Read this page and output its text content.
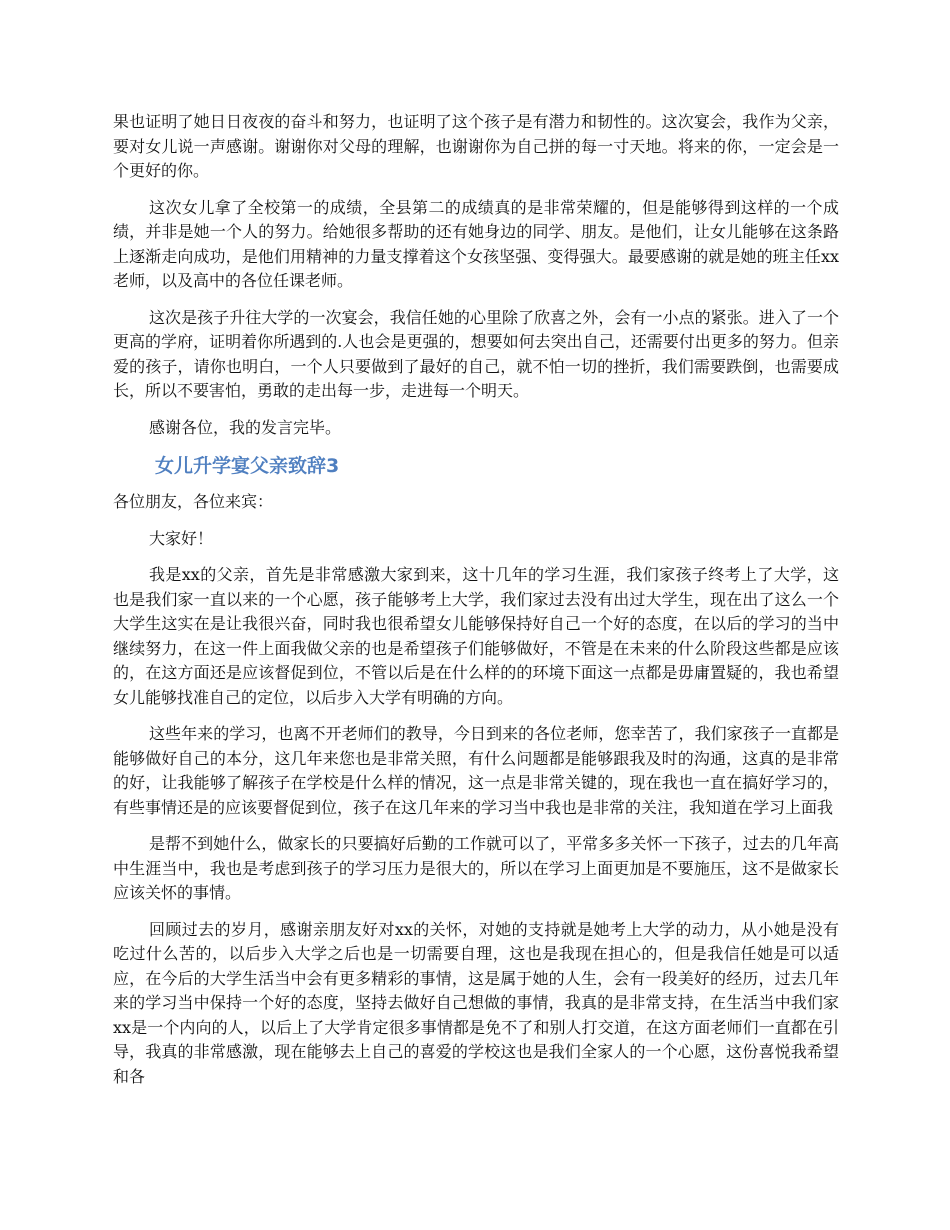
果也证明了她日日夜夜的奋斗和努力，也证明了这个孩子是有潜力和韧性的。这次宴会，我作为父亲，要对女儿说一声感谢。谢谢你对父母的理解，也谢谢你为自己拼的每一寸天地。将来的你，一定会是一个更好的你。

这次女儿拿了全校第一的成绩，全县第二的成绩真的是非常荣耀的，但是能够得到这样的一个成绩，并非是她一个人的努力。给她很多帮助的还有她身边的同学、朋友。是他们，让女儿能够在这条路上逐渐走向成功，是他们用精神的力量支撑着这个女孩坚强、变得强大。最要感谢的就是她的班主任xx老师，以及高中的各位任课老师。

这次是孩子升往大学的一次宴会，我信任她的心里除了欣喜之外，会有一小点的紧张。进入了一个更高的学府，证明着你所遇到的.人也会是更强的，想要如何去突出自己，还需要付出更多的努力。但亲爱的孩子，请你也明白，一个人只要做到了最好的自己，就不怕一切的挫折，我们需要跌倒，也需要成长，所以不要害怕，勇敢的走出每一步，走进每一个明天。

感谢各位，我的发言完毕。

女儿升学宴父亲致辞3

各位朋友，各位来宾：

大家好！

我是xx的父亲，首先是非常感激大家到来，这十几年的学习生涯，我们家孩子终考上了大学，这也是我们家一直以来的一个心愿，孩子能够考上大学，我们家过去没有出过大学生，现在出了这么一个大学生这实在是让我很兴奋，同时我也很希望女儿能够保持好自己一个好的态度，在以后的学习的当中继续努力，在这一件上面我做父亲的也是希望孩子们能够做好，不管是在未来的什么阶段这些都是应该的，在这方面还是应该督促到位，不管以后是在什么样的的环境下面这一点都是毋庸置疑的，我也希望女儿能够找准自己的定位，以后步入大学有明确的方向。

这些年来的学习，也离不开老师们的教导，今日到来的各位老师，您幸苦了，我们家孩子一直都是能够做好自己的本分，这几年来您也是非常关照，有什么问题都是能够跟我及时的沟通，这真的是非常的好，让我能够了解孩子在学校是什么样的情况，这一点是非常关键的，现在我也一直在搞好学习的，有些事情还是的应该要督促到位，孩子在这几年来的学习当中我也是非常的关注，我知道在学习上面我

是帮不到她什么，做家长的只要搞好后勤的工作就可以了，平常多多关怀一下孩子，过去的几年高中生涯当中，我也是考虑到孩子的学习压力是很大的，所以在学习上面更加是不要施压，这不是做家长应该关怀的事情。

回顾过去的岁月，感谢亲朋友好对xx的关怀，对她的支持就是她考上大学的动力，从小她是没有吃过什么苦的，以后步入大学之后也是一切需要自理，这也是我现在担心的，但是我信任她是可以适应，在今后的大学生活当中会有更多精彩的事情，这是属于她的人生，会有一段美好的经历，过去几年来的学习当中保持一个好的态度，坚持去做好自己想做的事情，我真的是非常支持，在生活当中我们家xx是一个内向的人，以后上了大学肯定很多事情都是免不了和别人打交道，在这方面老师们一直都在引导，我真的非常感激，现在能够去上自己的喜爱的学校这也是我们全家人的一个心愿，这份喜悦我希望和各
